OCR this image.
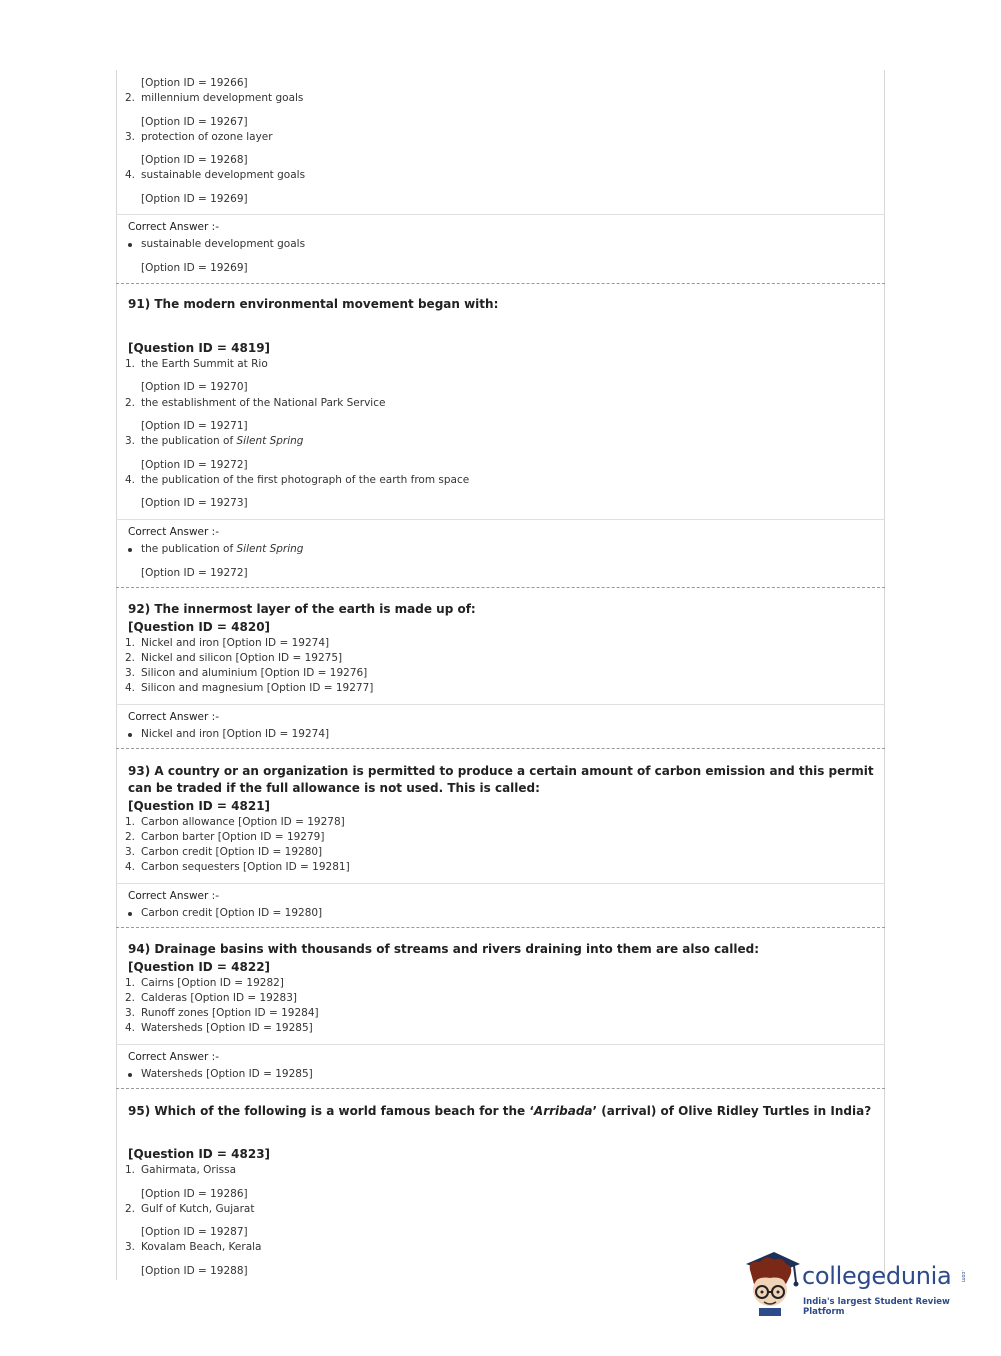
[Option ID = 19266]
2. millennium development goals
[Option ID = 19267]
3. protection of ozone layer
[Option ID = 19268]
4. sustainable development goals
[Option ID = 19269]
Correct Answer :-
sustainable development goals
[Option ID = 19269]
91) The modern environmental movement began with:
[Question ID = 4819]
1. the Earth Summit at Rio
[Option ID = 19270]
2. the establishment of the National Park Service
[Option ID = 19271]
3. the publication of Silent Spring
[Option ID = 19272]
4. the publication of the first photograph of the earth from space
[Option ID = 19273]
Correct Answer :-
the publication of Silent Spring
[Option ID = 19272]
92) The innermost layer of the earth is made up of:
[Question ID = 4820]
1. Nickel and iron [Option ID = 19274]
2. Nickel and silicon [Option ID = 19275]
3. Silicon and aluminium [Option ID = 19276]
4. Silicon and magnesium [Option ID = 19277]
Correct Answer :-
Nickel and iron [Option ID = 19274]
93) A country or an organization is permitted to produce a certain amount of carbon emission and this permit can be traded if the full allowance is not used. This is called:
[Question ID = 4821]
1. Carbon allowance [Option ID = 19278]
2. Carbon barter [Option ID = 19279]
3. Carbon credit [Option ID = 19280]
4. Carbon sequesters [Option ID = 19281]
Correct Answer :-
Carbon credit [Option ID = 19280]
94) Drainage basins with thousands of streams and rivers draining into them are also called:
[Question ID = 4822]
1. Cairns [Option ID = 19282]
2. Calderas [Option ID = 19283]
3. Runoff zones [Option ID = 19284]
4. Watersheds [Option ID = 19285]
Correct Answer :-
Watersheds [Option ID = 19285]
95) Which of the following is a world famous beach for the ‘Arribada’ (arrival) of Olive Ridley Turtles in India?
[Question ID = 4823]
1. Gahirmata, Orissa
[Option ID = 19286]
2. Gulf of Kutch, Gujarat
[Option ID = 19287]
3. Kovalam Beach, Kerala
[Option ID = 19288]	collegedunia .com
India's largest Student Review Platform
